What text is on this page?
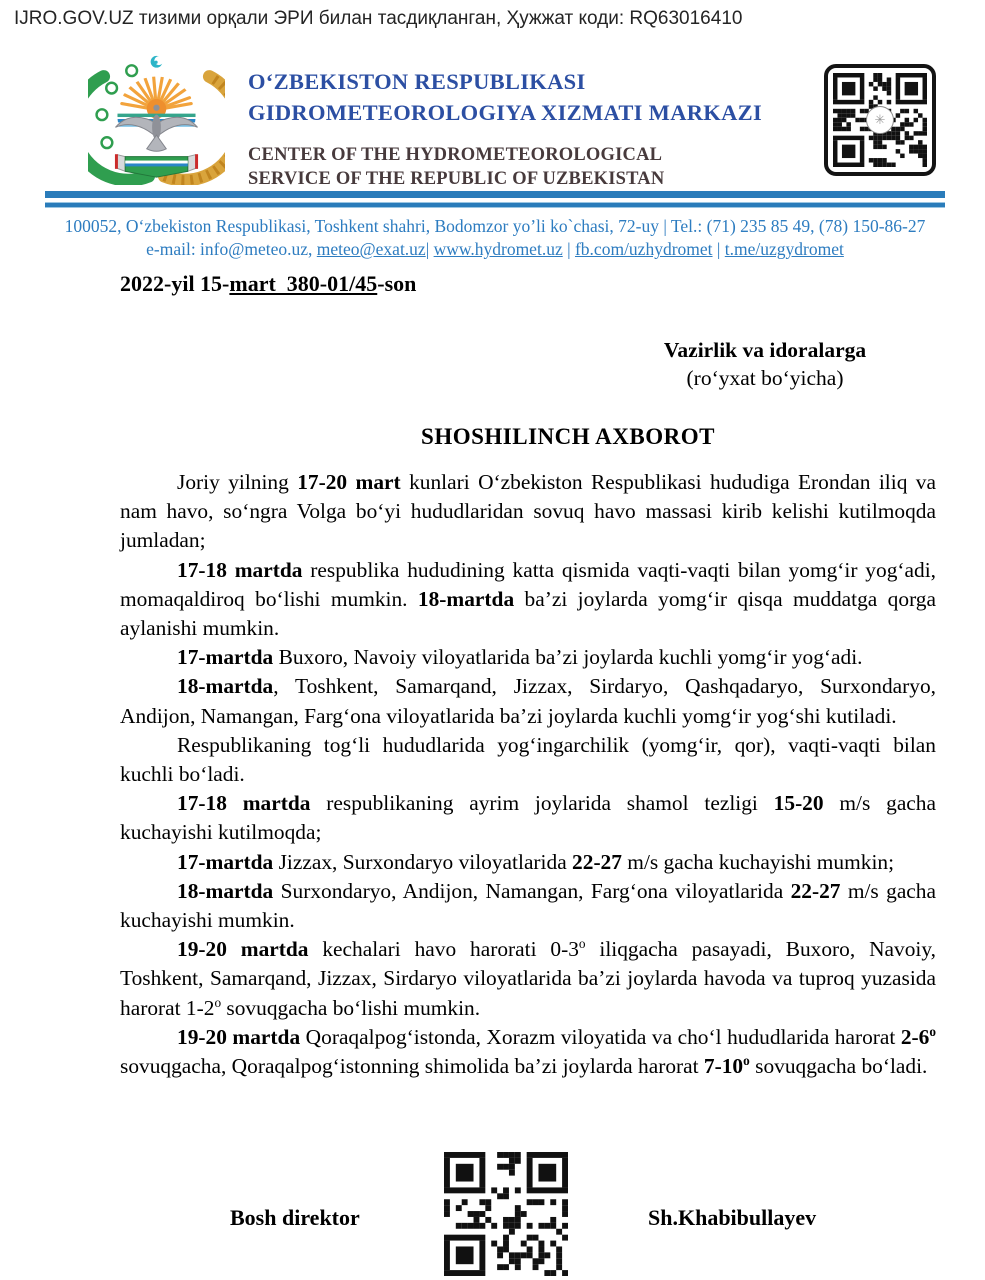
IJRO.GOV.UZ тизими орқали ЭРИ билан тасдиқланган, Ҳужжат коди: RQ63016410
O‘ZBEKISTON RESPUBLIKASI
GIDROMETEOROLOGIYA XIZMATI MARKAZI
CENTER OF THE HYDROMETEOROLOGICAL
SERVICE OF THE REPUBLIC OF UZBEKISTAN
✳
100052, O‘zbekiston Respublikasi, Toshkent shahri, Bodomzor yo’li ko`chasi, 72-uy | Tel.: (71) 235 85 49, (78) 150-86-27
e-mail: info@meteo.uz, meteo@exat.uz| www.hydromet.uz | fb.com/uzhydromet | t.me/uzgydromet
2022-yil 15-mart  380-01/45-son
Vazirlik va idoralarga
(ro‘yxat bo‘yicha)
SHOSHILINCH AXBOROT

Joriy yilning 17-20 mart kunlari O‘zbekiston Respublikasi hududiga Erondan iliq va nam havo, so‘ngra Volga bo‘yi hududlaridan sovuq havo massasi kirib kelishi kutilmoqda jumladan;

17-18 martda respublika hududining katta qismida vaqti-vaqti bilan yomg‘ir yog‘adi, momaqaldiroq bo‘lishi mumkin. 18-martda ba’zi joylarda yomg‘ir qisqa muddatga qorga aylanishi mumkin.

17-martda Buxoro, Navoiy viloyatlarida ba’zi joylarda kuchli yomg‘ir yog‘adi.

18-martda, Toshkent, Samarqand, Jizzax, Sirdaryo, Qashqadaryo, Surxondaryo, Andijon, Namangan, Farg‘ona viloyatlarida ba’zi joylarda kuchli yomg‘ir yog‘shi kutiladi.

Respublikaning tog‘li hududlarida yog‘ingarchilik (yomg‘ir, qor), vaqti-vaqti bilan kuchli bo‘ladi.

17-18 martda respublikaning ayrim joylarida shamol tezligi 15-20 m/s gacha kuchayishi kutilmoqda;

17-martda Jizzax, Surxondaryo viloyatlarida 22-27 m/s gacha kuchayishi mumkin;

18-martda Surxondaryo, Andijon, Namangan, Farg‘ona viloyatlarida 22-27 m/s gacha kuchayishi mumkin.

19-20 martda kechalari havo harorati 0-3$^o$ iliqgacha pasayadi, Buxoro, Navoiy, Toshkent, Samarqand, Jizzax, Sirdaryo viloyatlarida ba’zi joylarda havoda va tuproq yuzasida harorat 1-2$^o$ sovuqgacha bo‘lishi mumkin.

19-20 martda Qoraqalpog‘istonda, Xorazm viloyatida va cho‘l hududlarida harorat 2-6$^o$ sovuqgacha, Qoraqalpog‘istonning shimolida ba’zi joylarda harorat 7-10$^o$ sovuqgacha bo‘ladi.

Bosh direktor	Sh.Khabibullayev
